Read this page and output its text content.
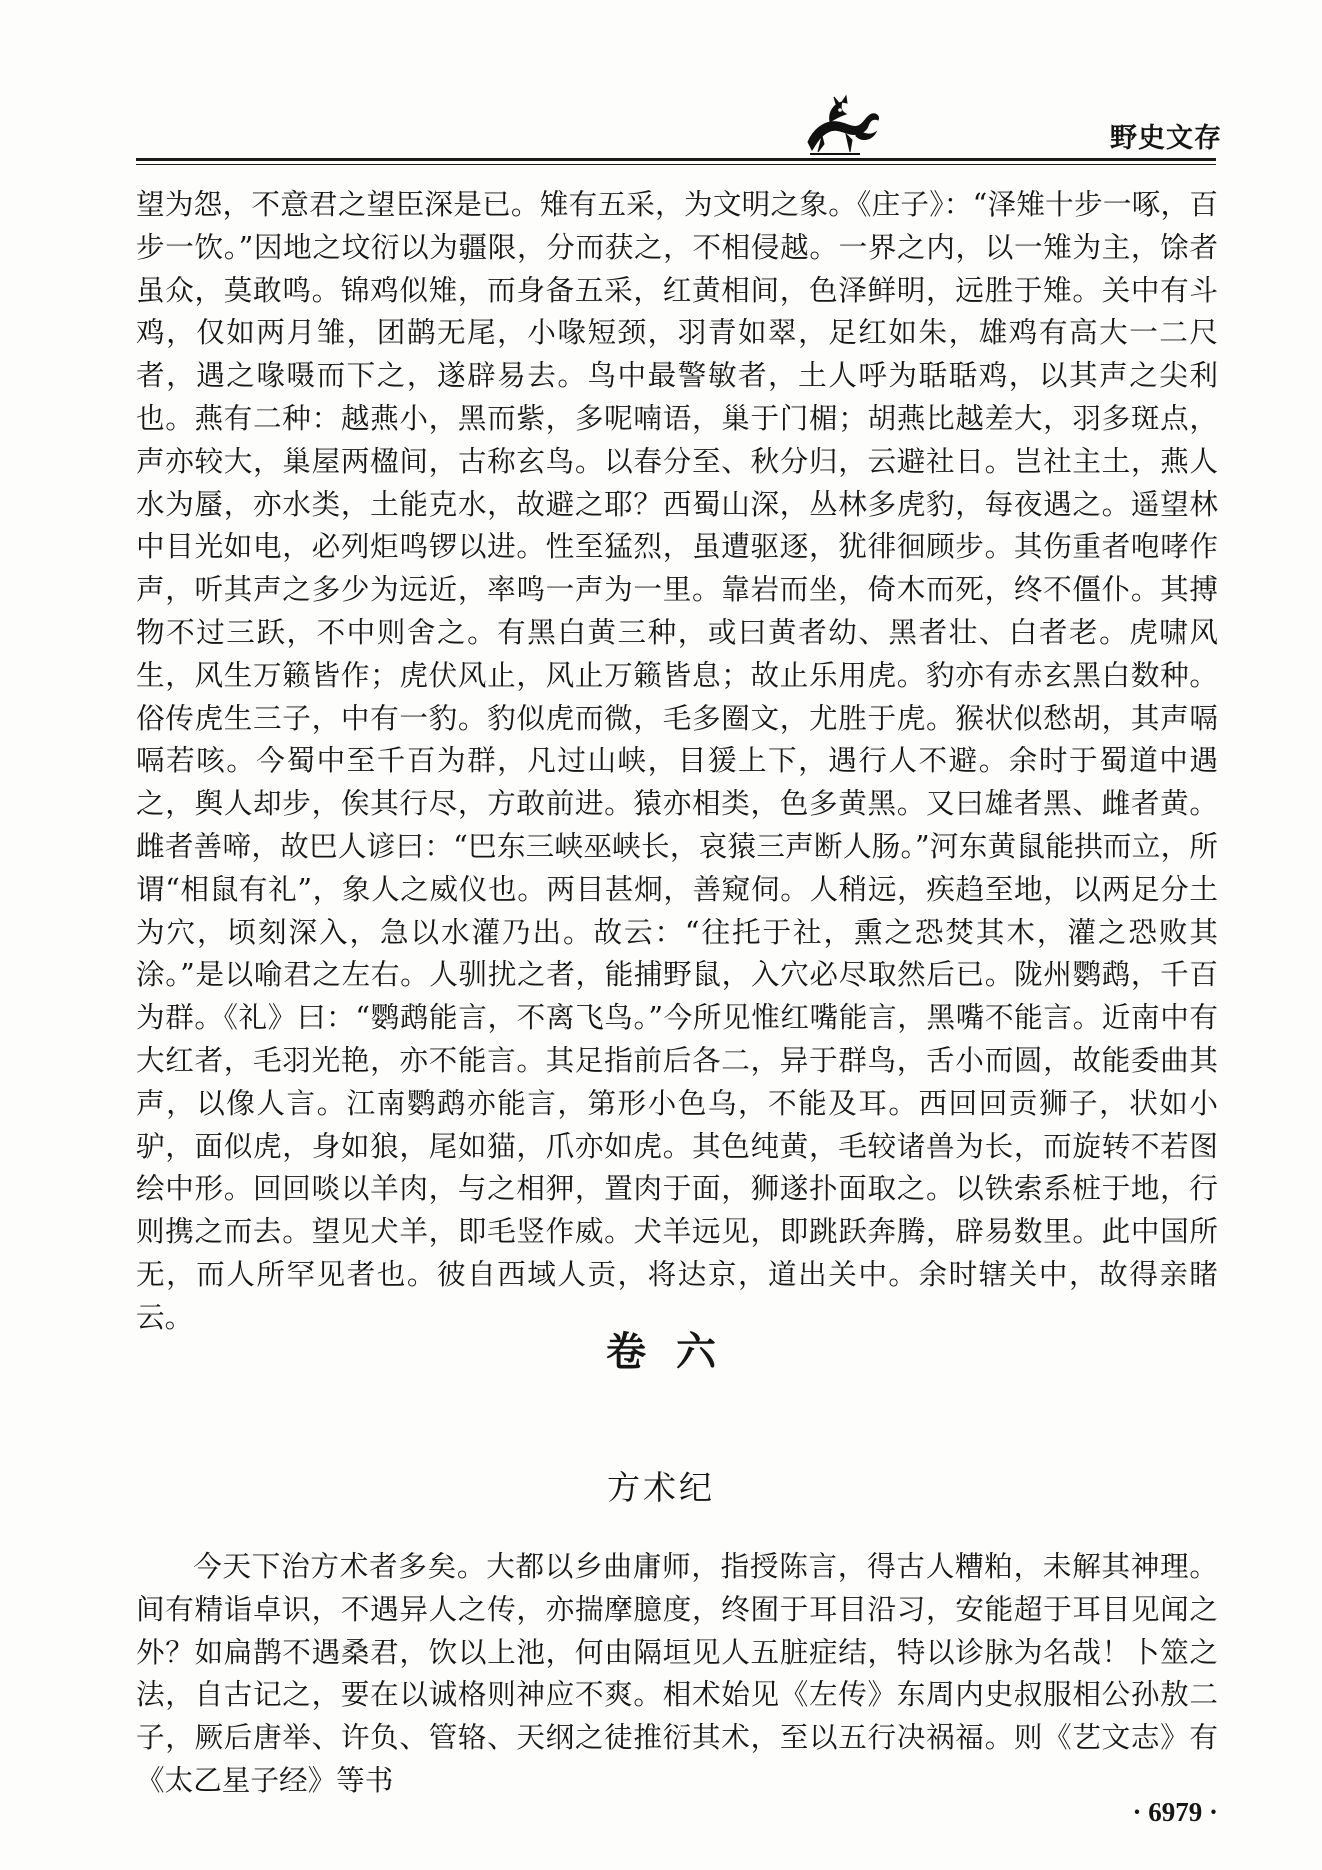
野史文存

望为怨，不意君之望臣深是已。雉有五采，为文明之象。《庄子》：“泽雉十步一啄，百步一饮。”因地之坟衍以为疆限，分而获之，不相侵越。一界之内，以一雉为主，馀者虽众，莫敢鸣。锦鸡似雉，而身备五采，红黄相间，色泽鲜明，远胜于雉。关中有斗鸡，仅如两月雏，团鹋无尾，小喙短颈，羽青如翠，足红如朱，雄鸡有高大一二尺者，遇之喙嗫而下之，遂辟易去。鸟中最警敏者，土人呼为聒聒鸡，以其声之尖利也。燕有二种：越燕小，黑而紫，多呢喃语，巢于门楣；胡燕比越差大，羽多斑点，声亦较大，巢屋两楹间，古称玄鸟。以春分至、秋分归，云避社日。岂社主土，燕人水为蜃，亦水类，土能克水，故避之耶？西蜀山深，丛林多虎豹，每夜遇之。遥望林中目光如电，必列炬鸣锣以进。性至猛烈，虽遭驱逐，犹徘徊顾步。其伤重者咆哮作声，听其声之多少为远近，率鸣一声为一里。靠岩而坐，倚木而死，终不僵仆。其搏物不过三跃，不中则舍之。有黑白黄三种，或曰黄者幼、黑者壮、白者老。虎啸风生，风生万籁皆作；虎伏风止，风止万籁皆息；故止乐用虎。豹亦有赤玄黑白数种。俗传虎生三子，中有一豹。豹似虎而微，毛多圈文，尤胜于虎。猴状似愁胡，其声嗝嗝若咳。今蜀中至千百为群，凡过山峡，目猨上下，遇行人不避。余时于蜀道中遇之，舆人却步，俟其行尽，方敢前进。猿亦相类，色多黄黑。又曰雄者黑、雌者黄。雌者善啼，故巴人谚曰：“巴东三峡巫峡长，哀猿三声断人肠。”河东黄鼠能拱而立，所谓“相鼠有礼”，象人之威仪也。两目甚炯，善窥伺。人稍远，疾趋至地，以两足分土为穴，顷刻深入，急以水灌乃出。故云：“往托于社，熏之恐焚其木，灌之恐败其涂。”是以喻君之左右。人驯扰之者，能捕野鼠，入穴必尽取然后已。陇州鹦鹉，千百为群。《礼》曰：“鹦鹉能言，不离飞鸟。”今所见惟红嘴能言，黑嘴不能言。近南中有大红者，毛羽光艳，亦不能言。其足指前后各二，异于群鸟，舌小而圆，故能委曲其声，以像人言。江南鹦鹉亦能言，第形小色乌，不能及耳。西回回贡狮子，状如小驴，面似虎，身如狼，尾如猫，爪亦如虎。其色纯黄，毛较诸兽为长，而旋转不若图绘中形。回回啖以羊肉，与之相狎，置肉于面，狮遂扑面取之。以铁索系桩于地，行则携之而去。望见犬羊，即毛竖作威。犬羊远见，即跳跃奔腾，辟易数里。此中国所无，而人所罕见者也。彼自西域人贡，将达京，道出关中。余时辖关中，故得亲睹云。

卷六
方术纪

今天下治方术者多矣。大都以乡曲庸师，指授陈言，得古人糟粕，未解其神理。间有精诣卓识，不遇异人之传，亦揣摩臆度，终囿于耳目沿习，安能超于耳目见闻之外？如扁鹊不遇桑君，饮以上池，何由隔垣见人五脏症结，特以诊脉为名哉！卜筮之法，自古记之，要在以诚格则神应不爽。相术始见《左传》东周内史叔服相公孙敖二子，厥后唐举、许负、管辂、天纲之徒推衍其术，至以五行决祸福。则《艺文志》有《太乙星子经》等书

· 6979 ·
